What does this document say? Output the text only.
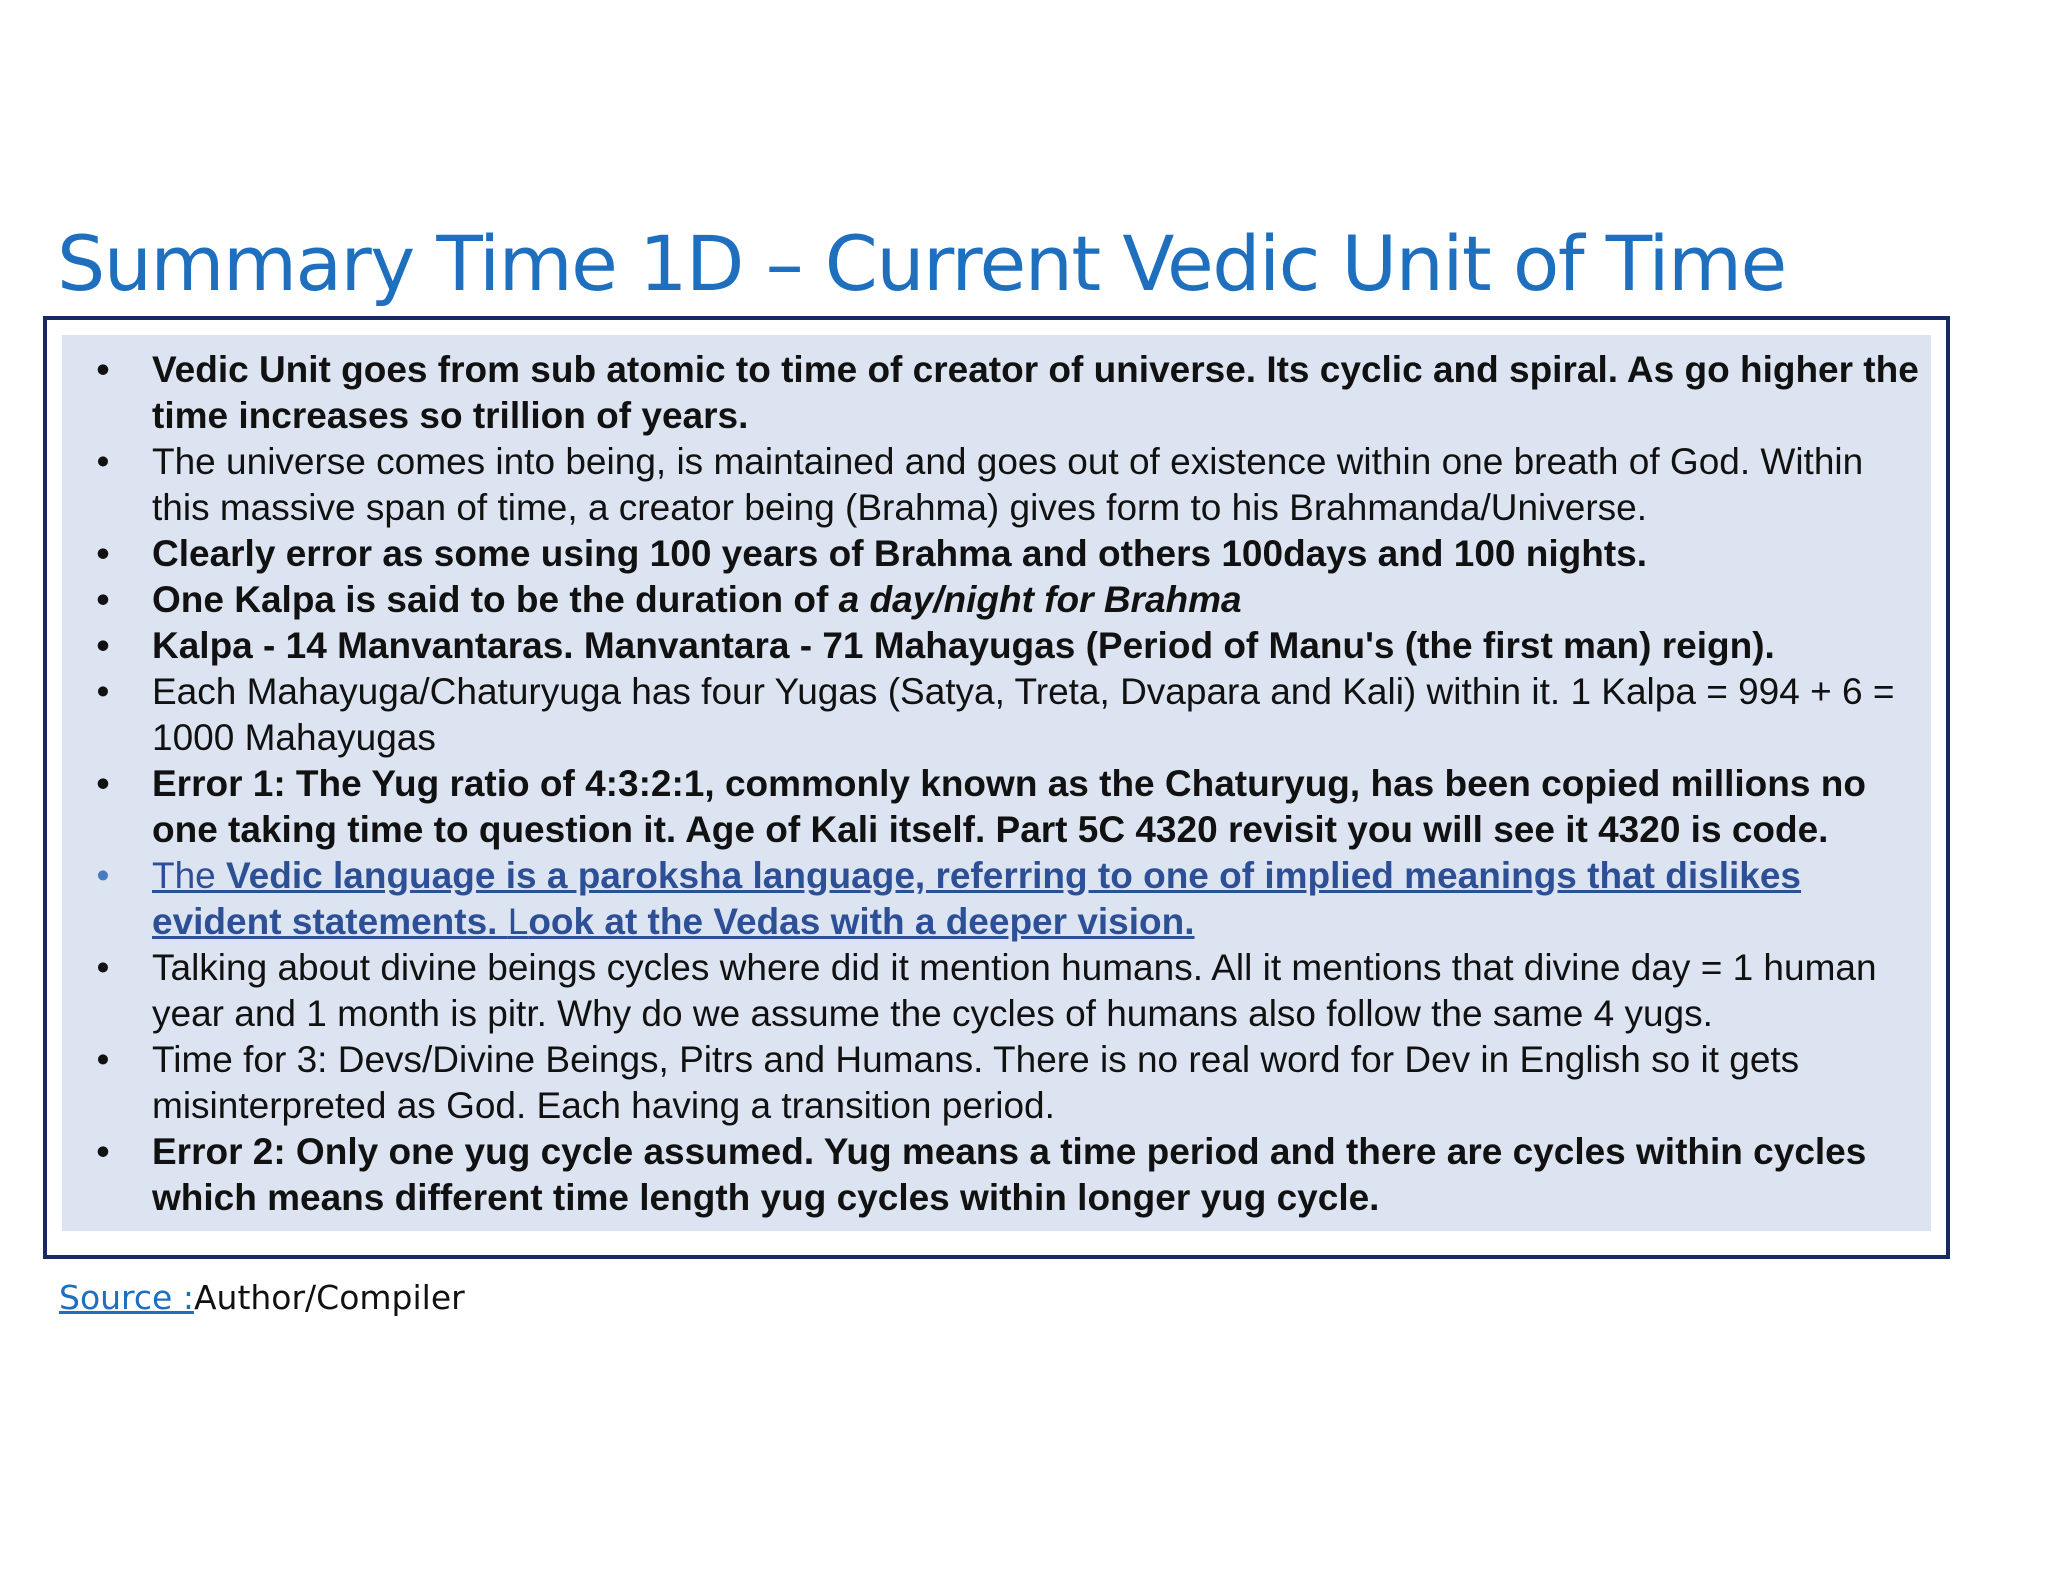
Summary Time 1D – Current Vedic Unit of Time
• Vedic Unit goes from sub atomic to time of creator of universe. Its cyclic and spiral. As go higher the time increases so trillion of years.
• The universe comes into being, is maintained and goes out of existence within one breath of God. Within this massive span of time, a creator being (Brahma) gives form to his Brahmanda/Universe.
• Clearly error as some using 100 years of Brahma and others 100days and 100 nights.
• One Kalpa is said to be the duration of a day/night for Brahma
• Kalpa - 14 Manvantaras. Manvantara - 71 Mahayugas (Period of Manu's (the first man) reign).
• Each Mahayuga/Chaturyuga has four Yugas (Satya, Treta, Dvapara and Kali) within it. 1 Kalpa = 994 + 6 = 1000 Mahayugas
• Error 1: The Yug ratio of 4:3:2:1, commonly known as the Chaturyug, has been copied millions no one taking time to question it. Age of Kali itself. Part 5C 4320 revisit you will see it 4320 is code.
• The Vedic language is a paroksha language, referring to one of implied meanings that dislikes evident statements. Look at the Vedas with a deeper vision.
• Talking about divine beings cycles where did it mention humans. All it mentions that divine day = 1 human year and 1 month is pitr. Why do we assume the cycles of humans also follow the same 4 yugs.
• Time for 3: Devs/Divine Beings, Pitrs and Humans. There is no real word for Dev in English so it gets misinterpreted as God. Each having a transition period.
• Error 2: Only one yug cycle assumed. Yug means a time period and there are cycles within cycles which means different time length yug cycles within longer yug cycle.
Source :Author/Compiler
